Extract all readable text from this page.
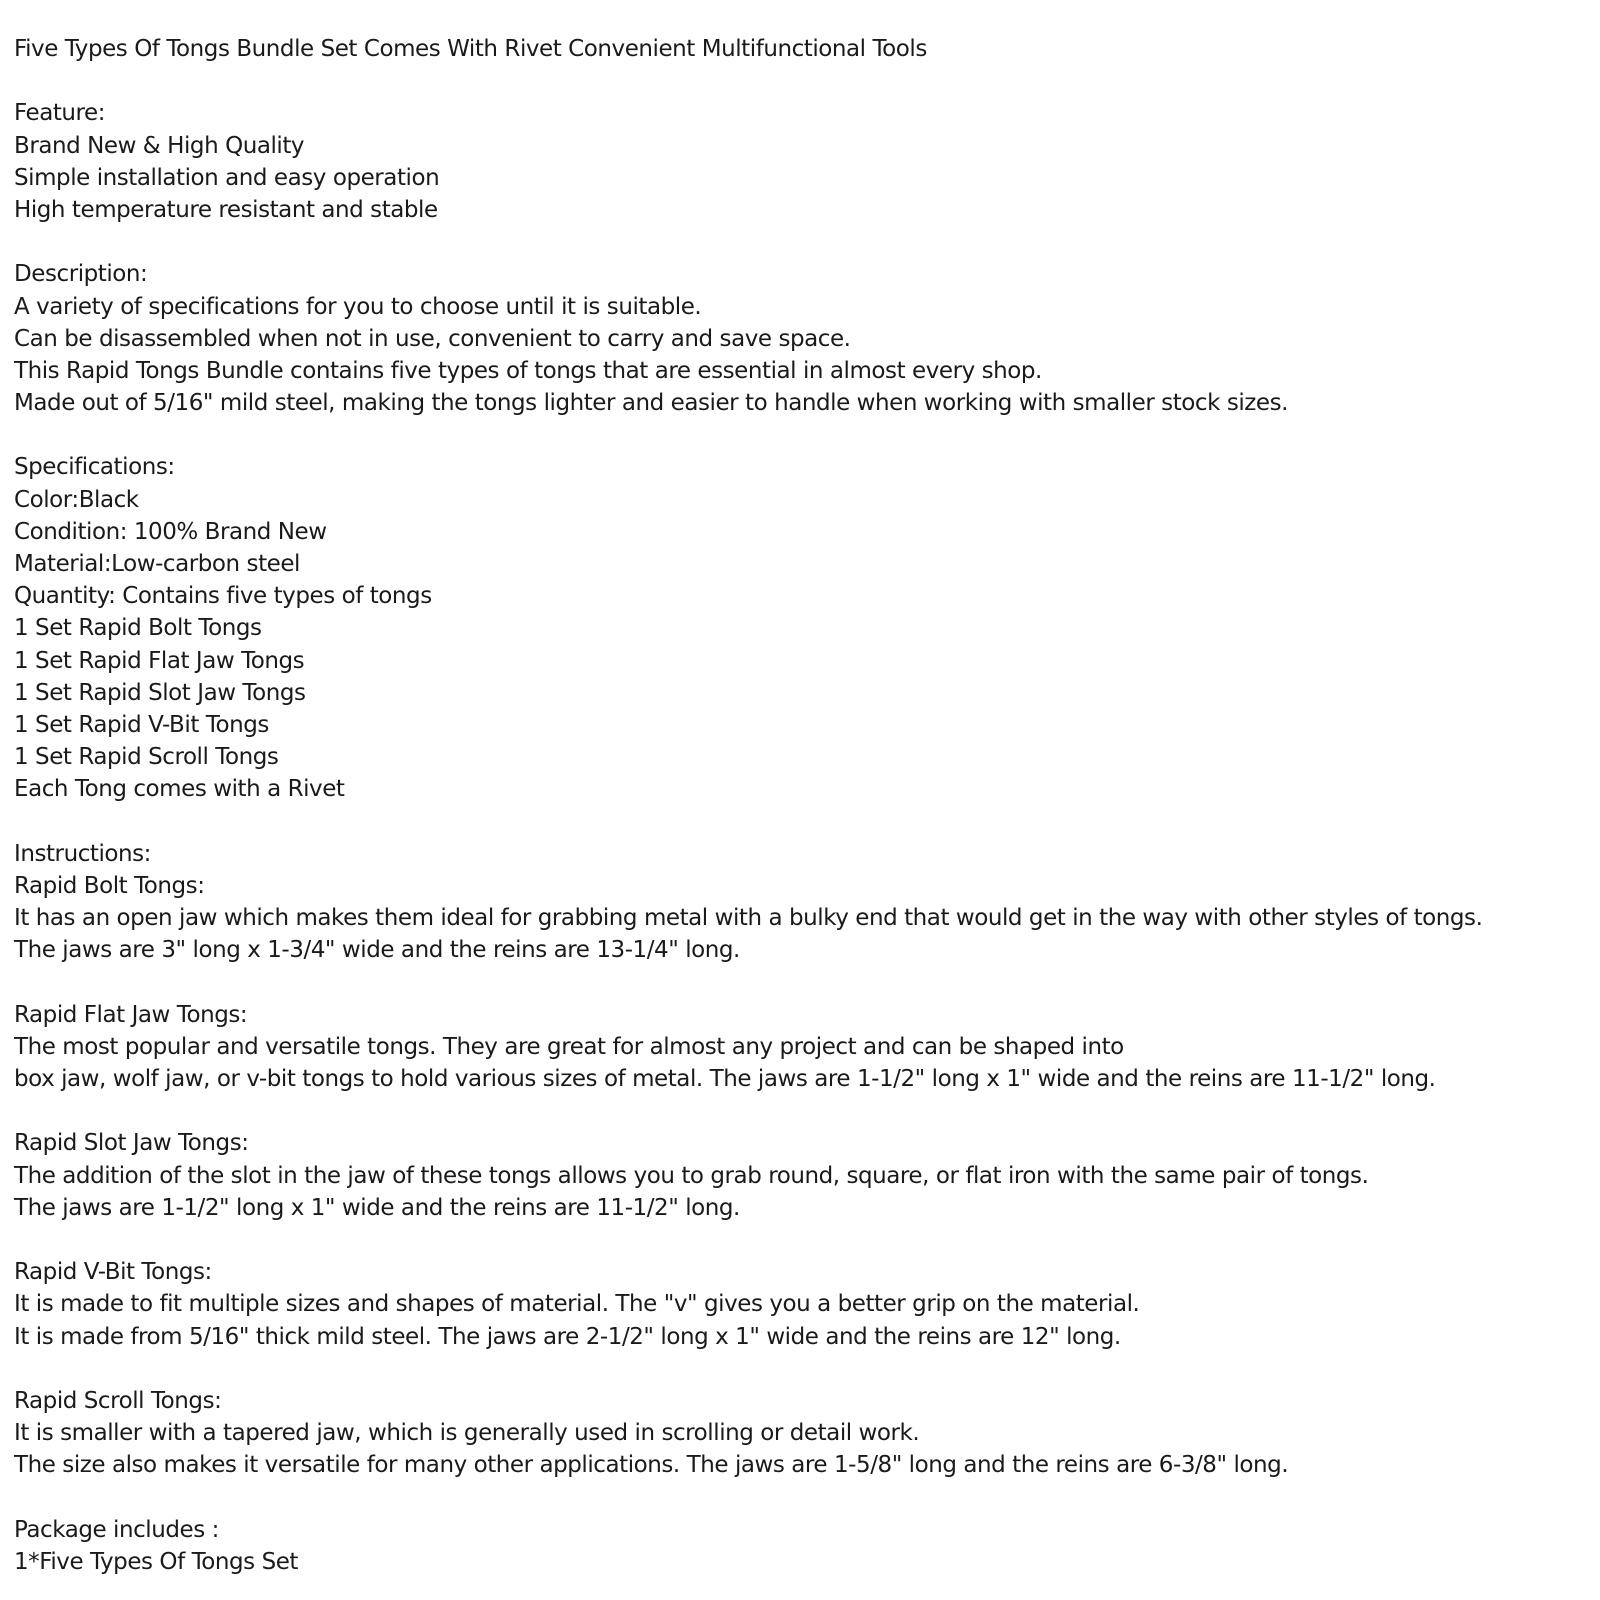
Five Types Of Tongs Bundle Set Comes With Rivet Convenient Multifunctional Tools
Feature:
Brand New & High Quality
Simple installation and easy operation
High temperature resistant and stable
Description:
A variety of specifications for you to choose until it is suitable.
Can be disassembled when not in use, convenient to carry and save space.
This Rapid Tongs Bundle contains five types of tongs that are essential in almost every shop.
Made out of 5/16" mild steel, making the tongs lighter and easier to handle when working with smaller stock sizes.
Specifications:
Color:Black
Condition: 100% Brand New
Material:Low-carbon steel
Quantity: Contains five types of tongs
1 Set Rapid Bolt Tongs
1 Set Rapid Flat Jaw Tongs
1 Set Rapid Slot Jaw Tongs
1 Set Rapid V-Bit Tongs
1 Set Rapid Scroll Tongs
Each Tong comes with a Rivet
Instructions:
Rapid Bolt Tongs:
It has an open jaw which makes them ideal for grabbing metal with a bulky end that would get in the way with other styles of tongs.
The jaws are 3" long x 1-3/4" wide and the reins are 13-1/4" long.
Rapid Flat Jaw Tongs:
The most popular and versatile tongs. They are great for almost any project and can be shaped into
box jaw, wolf jaw, or v-bit tongs to hold various sizes of metal. The jaws are 1-1/2" long x 1" wide and the reins are 11-1/2" long.
Rapid Slot Jaw Tongs:
The addition of the slot in the jaw of these tongs allows you to grab round, square, or flat iron with the same pair of tongs.
The jaws are 1-1/2" long x 1" wide and the reins are 11-1/2" long.
Rapid V-Bit Tongs:
It is made to fit multiple sizes and shapes of material. The "v" gives you a better grip on the material.
It is made from 5/16" thick mild steel. The jaws are 2-1/2" long x 1" wide and the reins are 12" long.
Rapid Scroll Tongs:
It is smaller with a tapered jaw, which is generally used in scrolling or detail work.
The size also makes it versatile for many other applications. The jaws are 1-5/8" long and the reins are 6-3/8" long.
Package includes :
1*Five Types Of Tongs Set
